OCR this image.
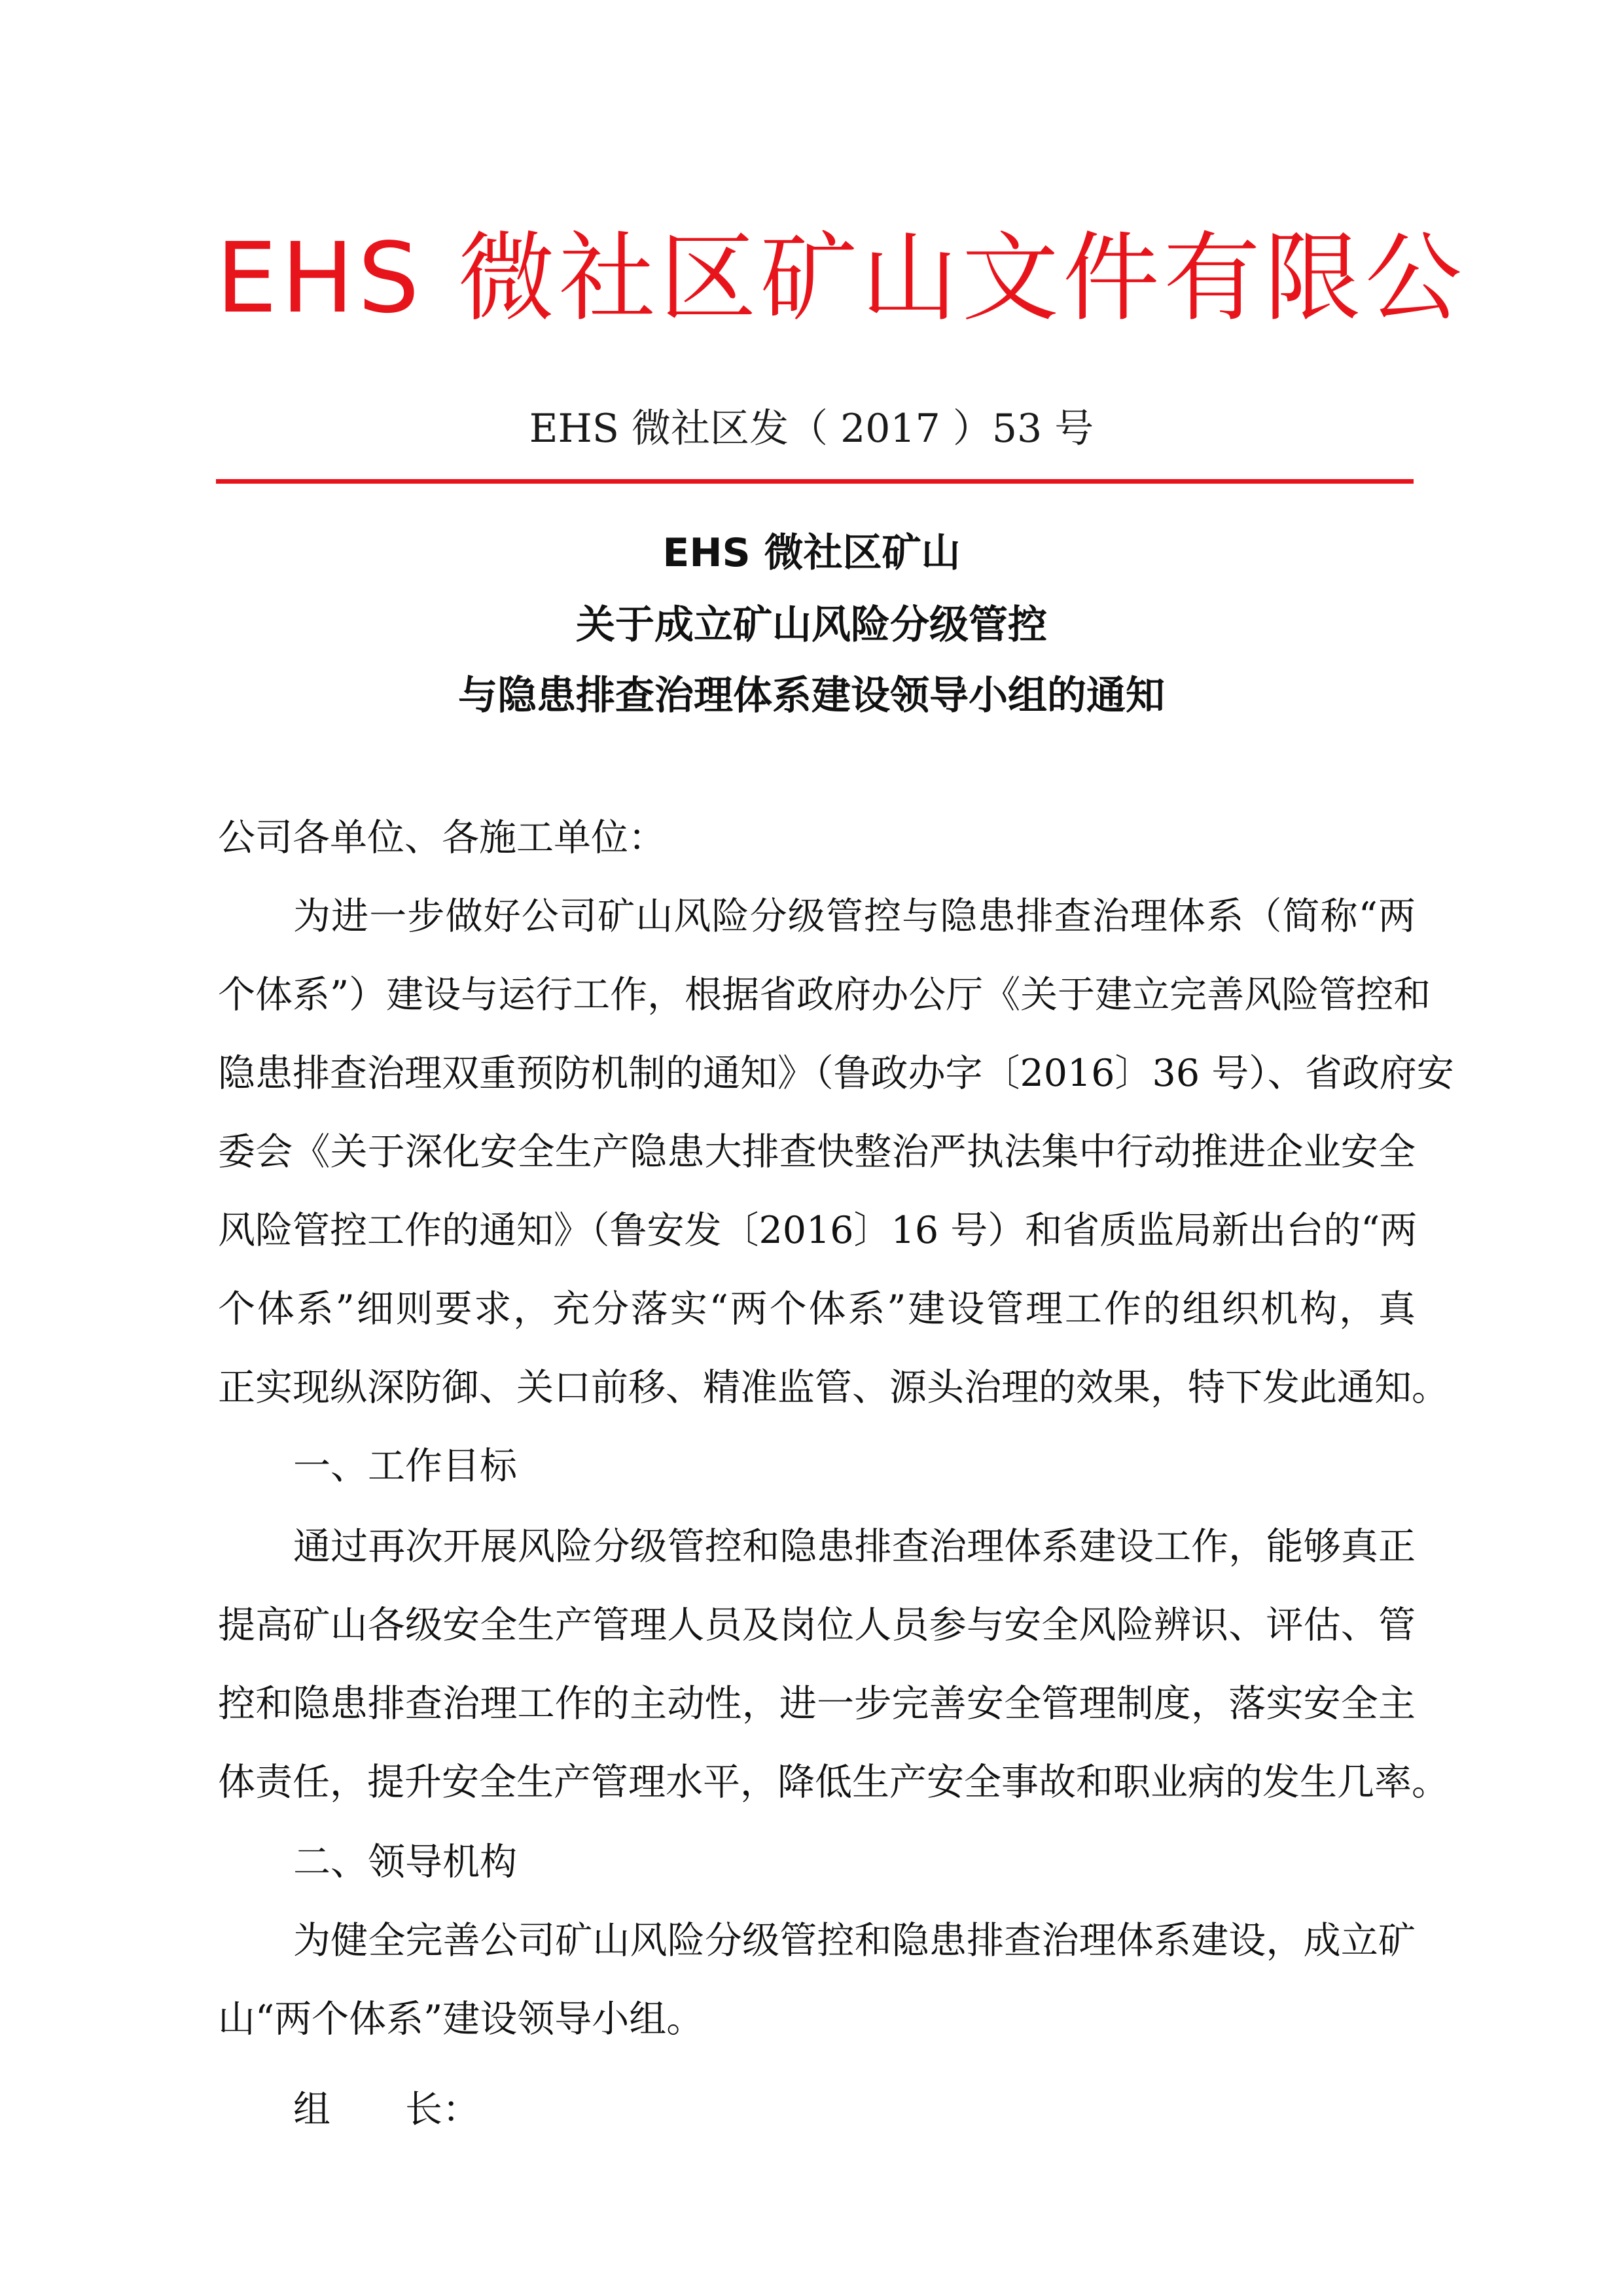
EHS 微社区矿山文件有限公
EHS 微社区发（ 2017 ）53 号
EHS 微社区矿山
关于成立矿山风险分级管控
与隐患排查治理体系建设领导小组的通知
公司各单位、各施工单位：
为进一步做好公司矿山风险分级管控与隐患排查治理体系（简称“两
个体系”）建设与运行工作，根据省政府办公厅《关于建立完善风险管控和
隐患排查治理双重预防机制的通知》（鲁政办字〔2016〕36 号）、省政府安
委会《关于深化安全生产隐患大排查快整治严执法集中行动推进企业安全
风险管控工作的通知》（鲁安发〔2016〕16 号）和省质监局新出台的“两
个体系”细则要求，充分落实“两个体系”建设管理工作的组织机构，真
正实现纵深防御、关口前移、精准监管、源头治理的效果，特下发此通知。
一、工作目标
通过再次开展风险分级管控和隐患排查治理体系建设工作，能够真正
提高矿山各级安全生产管理人员及岗位人员参与安全风险辨识、评估、管
控和隐患排查治理工作的主动性，进一步完善安全管理制度，落实安全主
体责任，提升安全生产管理水平，降低生产安全事故和职业病的发生几率。
二、领导机构
为健全完善公司矿山风险分级管控和隐患排查治理体系建设，成立矿
山“两个体系”建设领导小组。
组 长：
